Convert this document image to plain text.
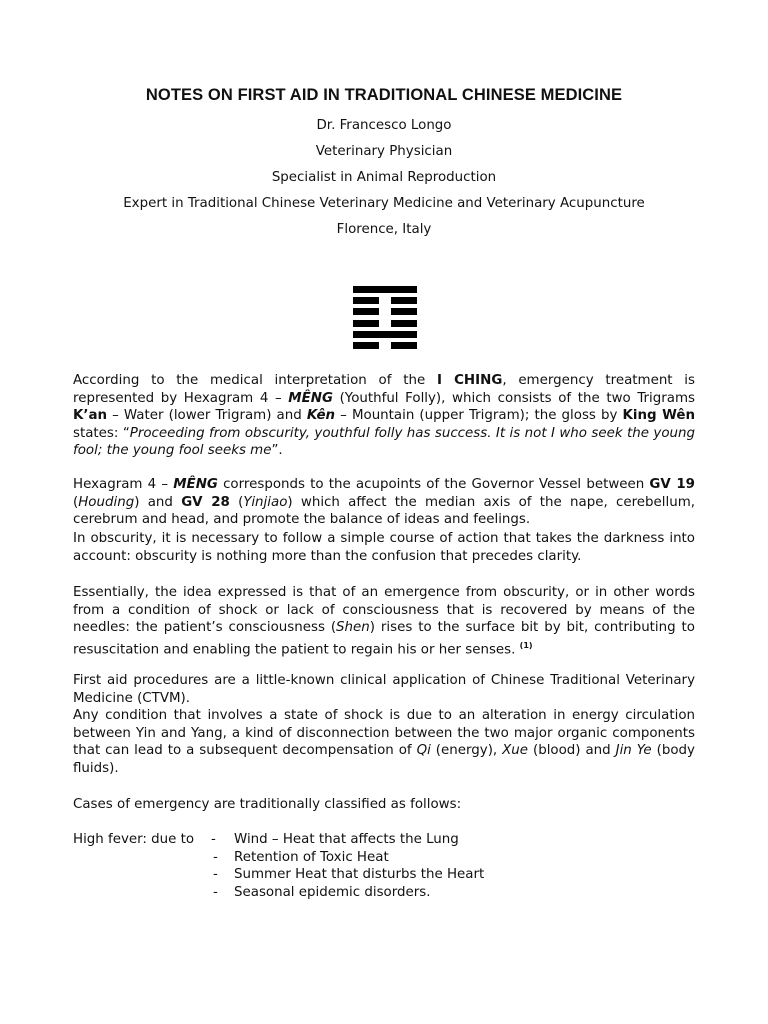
NOTES ON FIRST AID IN TRADITIONAL CHINESE MEDICINE

Dr. Francesco Longo

Veterinary Physician

Specialist in Animal Reproduction

Expert in Traditional Chinese Veterinary Medicine and Veterinary Acupuncture

Florence, Italy

According to the medical interpretation of the I CHING, emergency treatment is represented by Hexagram 4 – MÊNG (Youthful Folly), which consists of the two Trigrams K’an – Water (lower Trigram) and Kên – Mountain (upper Trigram); the gloss by King Wên states: “Proceeding from obscurity, youthful folly has success. It is not I who seek the young fool; the young fool seeks me”.

Hexagram 4 – MÊNG corresponds to the acupoints of the Governor Vessel between GV 19 (Houding) and GV 28 (Yinjiao) which affect the median axis of the nape, cerebellum, cerebrum and head, and promote the balance of ideas and feelings.

In obscurity, it is necessary to follow a simple course of action that takes the darkness into account: obscurity is nothing more than the confusion that precedes clarity.

Essentially, the idea expressed is that of an emergence from obscurity, or in other words from a condition of shock or lack of consciousness that is recovered by means of the needles: the patient’s consciousness (Shen) rises to the surface bit by bit, contributing to resuscitation and enabling the patient to regain his or her senses. $^{(1)}$

First aid procedures are a little-known clinical application of Chinese Traditional Veterinary Medicine (CTVM).

Any condition that involves a state of shock is due to an alteration in energy circulation between Yin and Yang, a kind of disconnection between the two major organic components that can lead to a subsequent decompensation of Qi (energy), Xue (blood) and Jin Ye (body fluids).

Cases of emergency are traditionally classified as follows:

High fever: due to - Wind – Heat that affects the Lung
- Retention of Toxic Heat
- Summer Heat that disturbs the Heart
- Seasonal epidemic disorders.
